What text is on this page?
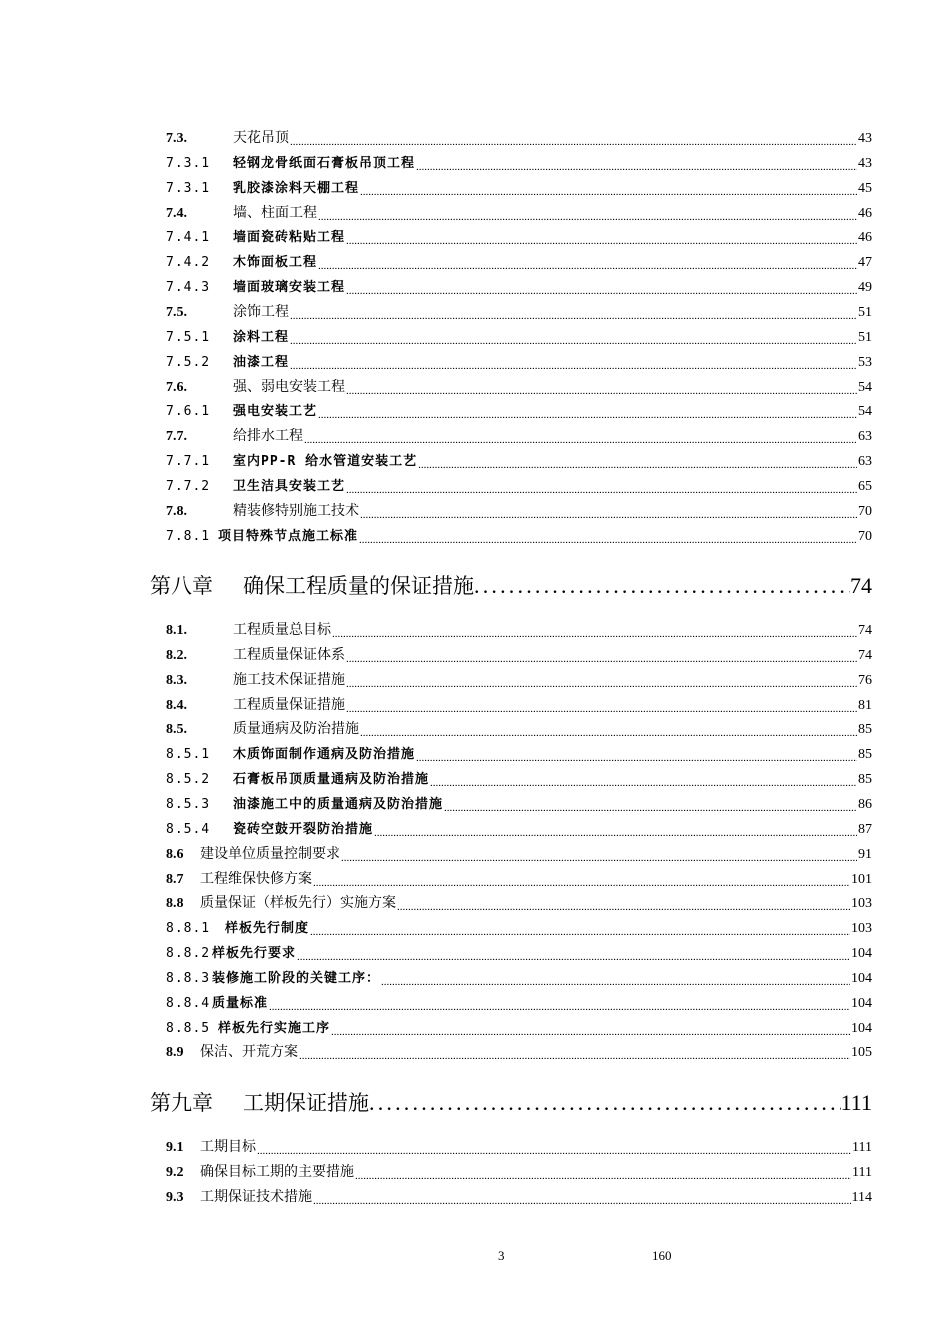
7.3.	天花吊顶 .....	43
7.3.1	轻钢龙骨纸面石膏板吊顶工程 .....	43
7.3.1	乳胶漆涂料天棚工程 .....	45
7.4.	墙、柱面工程 .....	46
7.4.1	墙面瓷砖粘贴工程 .....	46
7.4.2	木饰面板工程 .....	47
7.4.3	墙面玻璃安装工程 .....	49
7.5.	涂饰工程 .....	51
7.5.1	涂料工程 .....	51
7.5.2	油漆工程 .....	53
7.6.	强、弱电安装工程 .....	54
7.6.1	强电安装工艺 .....	54
7.7.	给排水工程 .....	63
7.7.1	室内PP-R 给水管道安装工艺 .....	63
7.7.2	卫生洁具安装工艺 .....	65
7.8.	精装修特别施工技术 .....	70
7.8.1 项目特殊节点施工标准 .....	70
第八章 确保工程质量的保证措施 .....	74
8.1.	工程质量总目标 .....	74
8.2.	工程质量保证体系 .....	74
8.3.	施工技术保证措施 .....	76
8.4.	工程质量保证措施 .....	81
8.5.	质量通病及防治措施 .....	85
8.5.1	木质饰面制作通病及防治措施 .....	85
8.5.2	石膏板吊顶质量通病及防治措施 .....	85
8.5.3	油漆施工中的质量通病及防治措施 .....	86
8.5.4	瓷砖空鼓开裂防治措施 .....	87
8.6	建设单位质量控制要求 .....	91
8.7	工程维保快修方案 .....	101
8.8	质量保证（样板先行）实施方案 .....	103
8.8.1	样板先行制度 .....	103
8.8.2 样板先行要求 .....	104
8.8.3 装修施工阶段的关键工序： .....	104
8.8.4 质量标准 .....	104
8.8.5 样板先行实施工序 .....	104
8.9	保洁、开荒方案 .....	105
第九章 工期保证措施 .....	111
9.1	工期目标 .....	111
9.2	确保目标工期的主要措施 .....	111
9.3	工期保证技术措施 .....	114
3	160
